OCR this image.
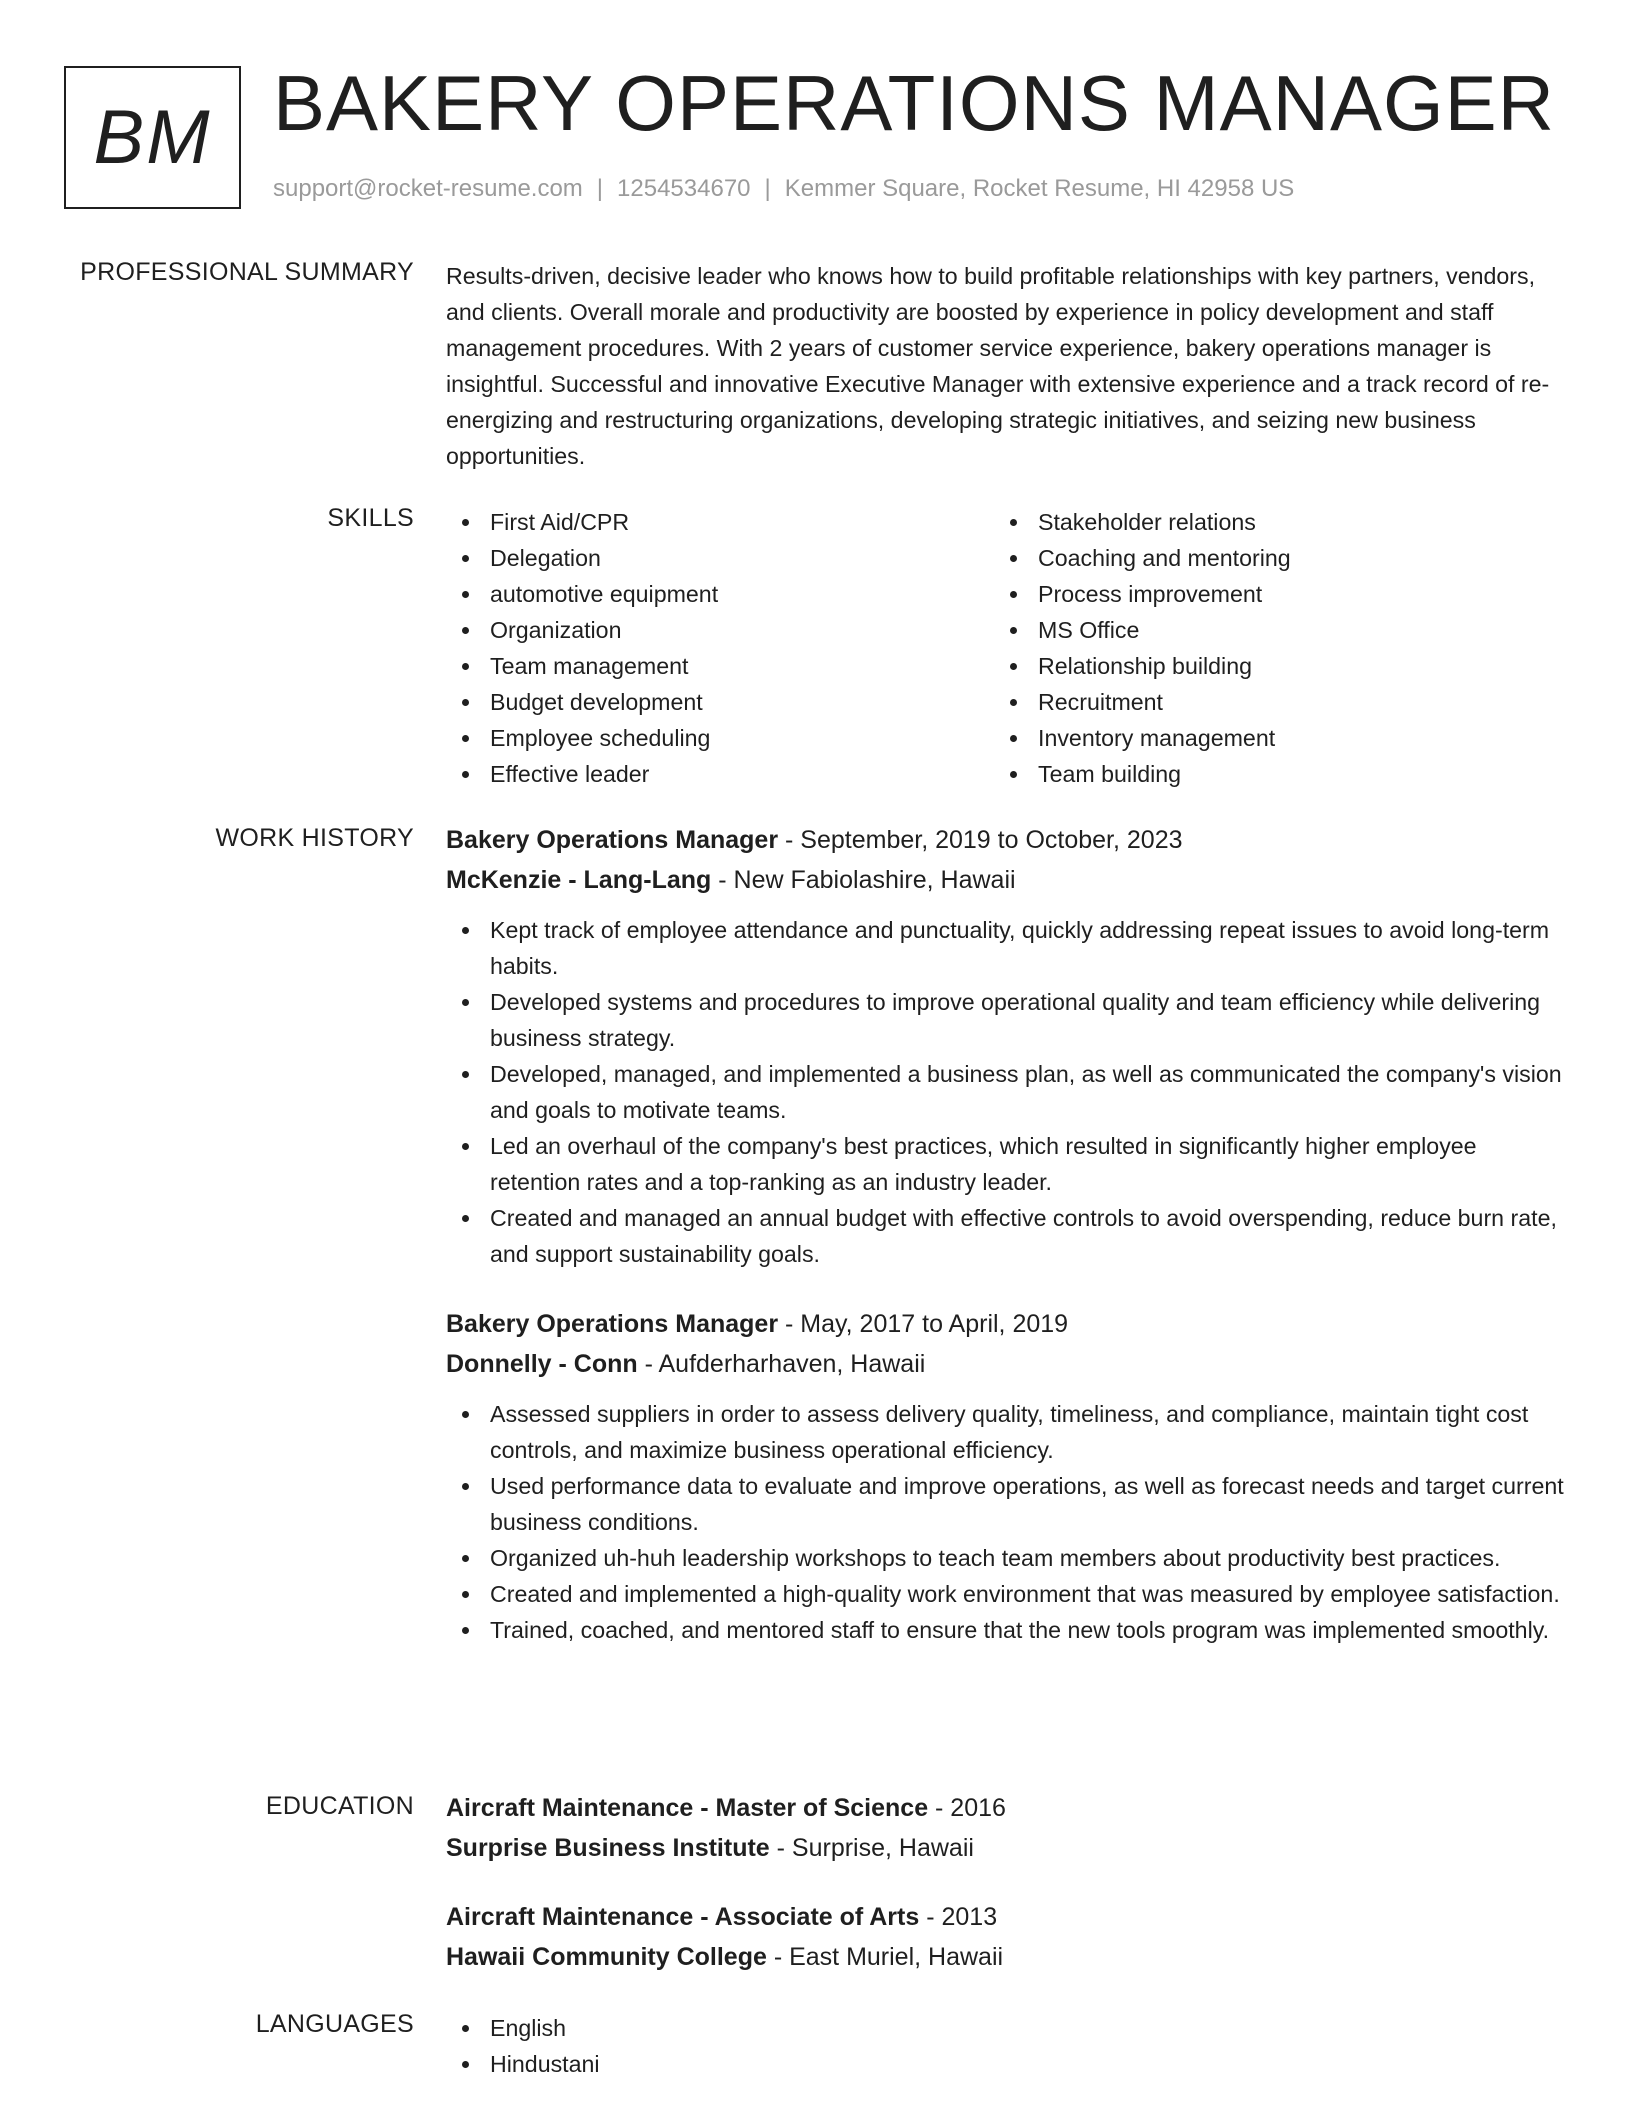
BM BAKERY OPERATIONS MANAGER
support@rocket-resume.com | 1254534670 | Kemmer Square, Rocket Resume, HI 42958 US
PROFESSIONAL SUMMARY Results-driven, decisive leader who knows how to build profitable relationships with key partners, vendors, and clients. Overall morale and productivity are boosted by experience in policy development and staff management procedures. With 2 years of customer service experience, bakery operations manager is insightful. Successful and innovative Executive Manager with extensive experience and a track record of re-energizing and restructuring organizations, developing strategic initiatives, and seizing new business opportunities.
SKILLS	First Aid/CPR
Delegation
automotive equipment
Organization
Team management
Budget development
Employee scheduling
Effective leader
Stakeholder relations
Coaching and mentoring
Process improvement
MS Office
Relationship building
Recruitment
Inventory management
Team building
WORK HISTORY Bakery Operations Manager - September, 2019 to October, 2023
McKenzie - Lang-Lang - New Fabiolashire, Hawaii
Kept track of employee attendance and punctuality, quickly addressing repeat issues to avoid long-term habits.
Developed systems and procedures to improve operational quality and team efficiency while delivering business strategy.
Developed, managed, and implemented a business plan, as well as communicated the company's vision and goals to motivate teams.
Led an overhaul of the company's best practices, which resulted in significantly higher employee retention rates and a top-ranking as an industry leader.
Created and managed an annual budget with effective controls to avoid overspending, reduce burn rate, and support sustainability goals.
Bakery Operations Manager - May, 2017 to April, 2019
Donnelly - Conn - Aufderharhaven, Hawaii
Assessed suppliers in order to assess delivery quality, timeliness, and compliance, maintain tight cost controls, and maximize business operational efficiency.
Used performance data to evaluate and improve operations, as well as forecast needs and target current business conditions.
Organized uh-huh leadership workshops to teach team members about productivity best practices.
Created and implemented a high-quality work environment that was measured by employee satisfaction.
Trained, coached, and mentored staff to ensure that the new tools program was implemented smoothly.
EDUCATION Aircraft Maintenance - Master of Science - 2016
Surprise Business Institute - Surprise, Hawaii
Aircraft Maintenance - Associate of Arts - 2013
Hawaii Community College - East Muriel, Hawaii
LANGUAGES	English
Hindustani
